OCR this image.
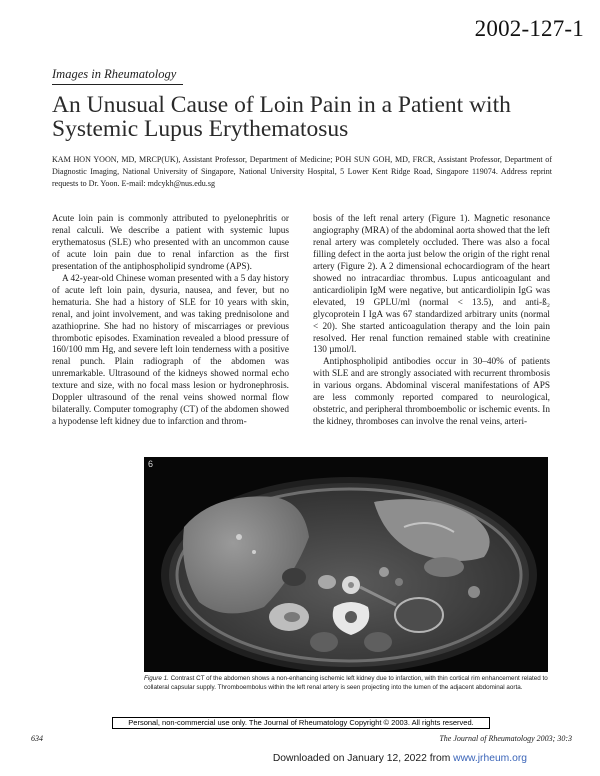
2002-127-1
Images in Rheumatology
An Unusual Cause of Loin Pain in a Patient with Systemic Lupus Erythematosus
KAM HON YOON, MD, MRCP(UK), Assistant Professor, Department of Medicine; POH SUN GOH, MD, FRCR, Assistant Professor, Department of Diagnostic Imaging, National University of Singapore, National University Hospital, 5 Lower Kent Ridge Road, Singapore 119074. Address reprint requests to Dr. Yoon. E-mail: mdcykh@nus.edu.sg

Acute loin pain is commonly attributed to pyelonephritis or renal calculi. We describe a patient with systemic lupus erythematosus (SLE) who presented with an uncommon cause of acute loin pain due to renal infarction as the first presentation of the antiphospholipid syndrome (APS).

A 42-year-old Chinese woman presented with a 5 day history of acute left loin pain, dysuria, nausea, and fever, but no hematuria. She had a history of SLE for 10 years with skin, renal, and joint involvement, and was taking prednisolone and azathioprine. She had no history of miscarriages or previous thrombotic episodes. Examination revealed a blood pressure of 160/100 mm Hg, and severe left loin tenderness with a positive renal punch. Plain radiograph of the abdomen was unremarkable. Ultrasound of the kidneys showed normal echo texture and size, with no focal mass lesion or hydronephrosis. Doppler ultrasound of the renal veins showed normal flow bilaterally. Computer tomography (CT) of the abdomen showed a hypodense left kidney due to infarction and throm-

bosis of the left renal artery (Figure 1). Magnetic resonance angiography (MRA) of the abdominal aorta showed that the left renal artery was completely occluded. There was also a focal filling defect in the aorta just below the origin of the right renal artery (Figure 2). A 2 dimensional echocardiogram of the heart showed no intracardiac thrombus. Lupus anticoagulant and anticardiolipin IgM were negative, but anticardiolipin IgG was elevated, 19 GPLU/ml (normal < 13.5), and anti-ß₂ glycoprotein I IgA was 67 standardized arbitrary units (normal < 20). She started anticoagulation therapy and the loin pain resolved. Her renal function remained stable with creatinine 130 µmol/l.

Antiphospholipid antibodies occur in 30–40% of patients with SLE and are strongly associated with recurrent thrombosis in various organs. Abdominal visceral manifestations of APS are less commonly reported compared to neurological, obstetric, and peripheral thromboembolic or ischemic events. In the kidney, thromboses can involve the renal veins, arteri-

6
Figure 1. Contrast CT of the abdomen shows a non-enhancing ischemic left kidney due to infarction, with thin cortical rim enhancement related to collateral capsular supply. Thromboembolus within the left renal artery is seen projecting into the lumen of the adjacent abdominal aorta.
Personal, non-commercial use only. The Journal of Rheumatology Copyright © 2003. All rights reserved.
634	The Journal of Rheumatology 2003; 30:3
Downloaded on January 12, 2022 from www.jrheum.org
